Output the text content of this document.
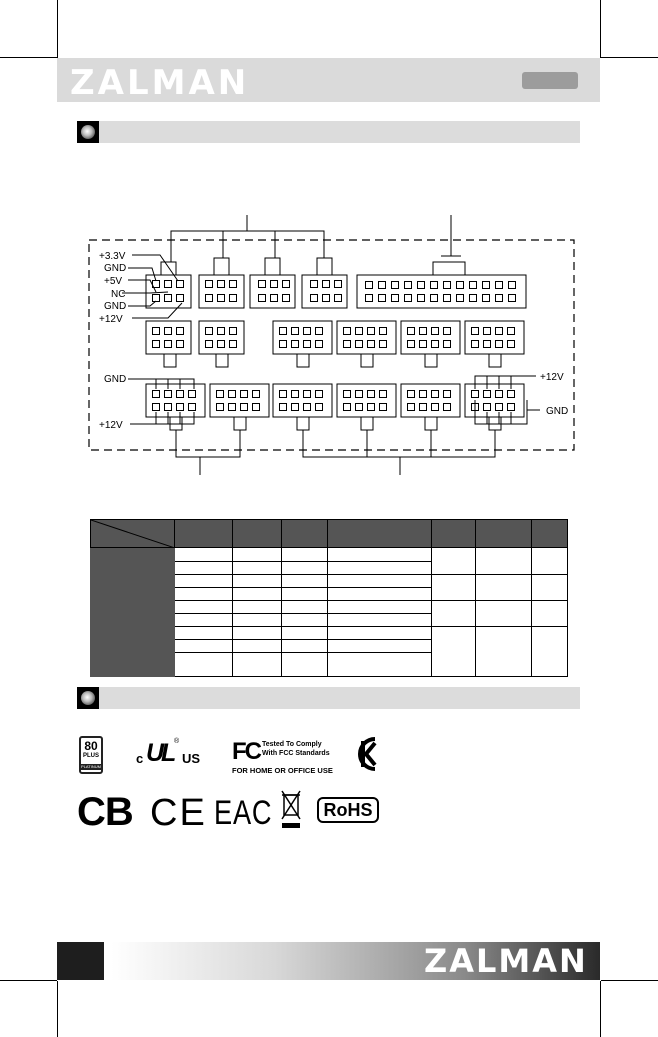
ZALMAN
+3.3V
GND
+5V
NC
GND
+12V
GND
+12V
+12V
GND

80
PLUS
PLATINUM
c UL ®
US FC Tested To Comply
With FCC Standards
FOR HOME OR OFFICE USE
CB CE EAC	RoHS
ZALMAN
